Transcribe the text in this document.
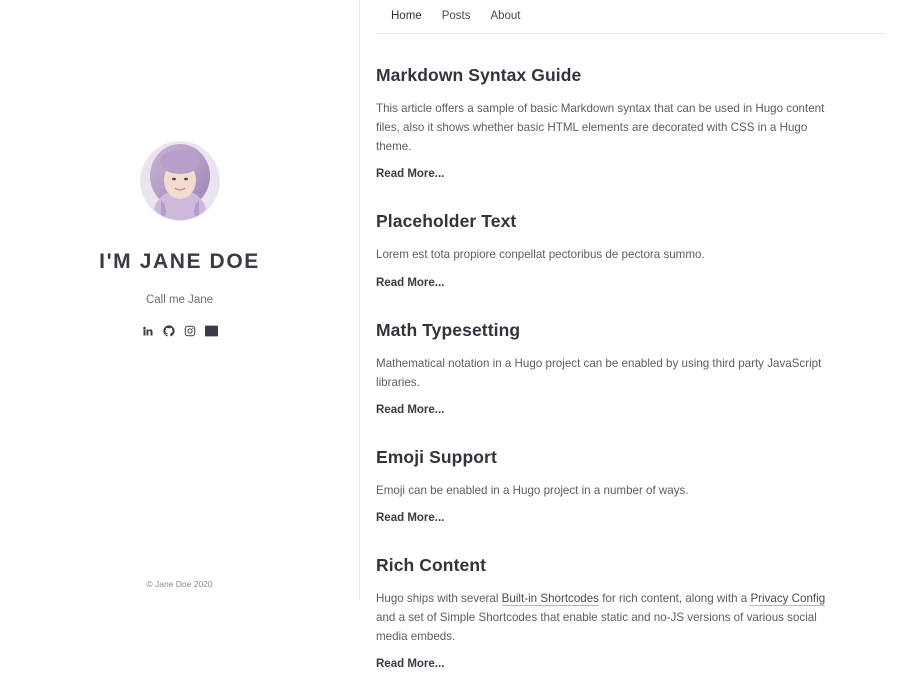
I'M JANE DOE
Call me Jane
© Jane Doe 2020
Home Posts About
Markdown Syntax Guide

This article offers a sample of basic Markdown syntax that can be used in Hugo content files, also it shows whether basic HTML elements are decorated with CSS in a Hugo theme.

Read More...
Placeholder Text

Lorem est tota propiore conpellat pectoribus de pectora summo.

Read More...
Math Typesetting

Mathematical notation in a Hugo project can be enabled by using third party JavaScript libraries.

Read More...
Emoji Support

Emoji can be enabled in a Hugo project in a number of ways.

Read More...
Rich Content

Hugo ships with several Built-in Shortcodes for rich content, along with a Privacy Config and a set of Simple Shortcodes that enable static and no-JS versions of various social media embeds.

Read More...
